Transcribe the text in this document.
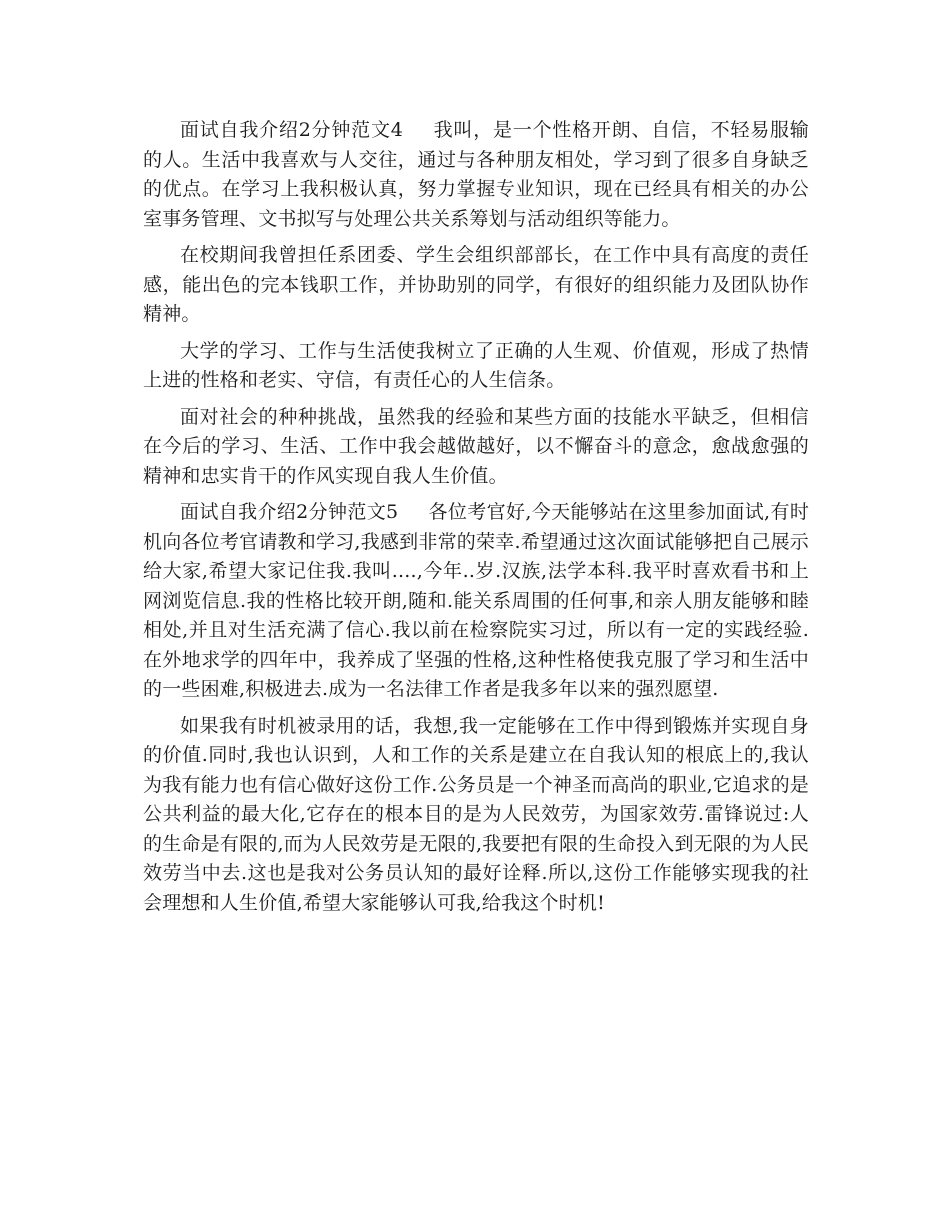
面试自我介绍2分钟范文4 我叫，是一个性格开朗、自信，不轻易服输的人。生活中我喜欢与人交往，通过与各种朋友相处，学习到了很多自身缺乏的优点。在学习上我积极认真，努力掌握专业知识，现在已经具有相关的办公室事务管理、文书拟写与处理公共关系筹划与活动组织等能力。

在校期间我曾担任系团委、学生会组织部部长，在工作中具有高度的责任感，能出色的完本钱职工作，并协助别的同学，有很好的组织能力及团队协作精神。

大学的学习、工作与生活使我树立了正确的人生观、价值观，形成了热情上进的性格和老实、守信，有责任心的人生信条。

面对社会的种种挑战，虽然我的经验和某些方面的技能水平缺乏，但相信在今后的学习、生活、工作中我会越做越好，以不懈奋斗的意念，愈战愈强的精神和忠实肯干的作风实现自我人生价值。

面试自我介绍2分钟范文5 各位考官好,今天能够站在这里参加面试,有时机向各位考官请教和学习,我感到非常的荣幸.希望通过这次面试能够把自己展示给大家,希望大家记住我.我叫....,今年..岁.汉族,法学本科.我平时喜欢看书和上网浏览信息.我的性格比较开朗,随和.能关系周围的任何事,和亲人朋友能够和睦相处,并且对生活充满了信心.我以前在检察院实习过，所以有一定的实践经验.在外地求学的四年中，我养成了坚强的性格,这种性格使我克服了学习和生活中的一些困难,积极进去.成为一名法律工作者是我多年以来的强烈愿望.

如果我有时机被录用的话，我想,我一定能够在工作中得到锻炼并实现自身的价值.同时,我也认识到，人和工作的关系是建立在自我认知的根底上的,我认为我有能力也有信心做好这份工作.公务员是一个神圣而高尚的职业,它追求的是公共利益的最大化,它存在的根本目的是为人民效劳，为国家效劳.雷锋说过:人的生命是有限的,而为人民效劳是无限的,我要把有限的生命投入到无限的为人民效劳当中去.这也是我对公务员认知的最好诠释.所以,这份工作能够实现我的社会理想和人生价值,希望大家能够认可我,给我这个时机!
